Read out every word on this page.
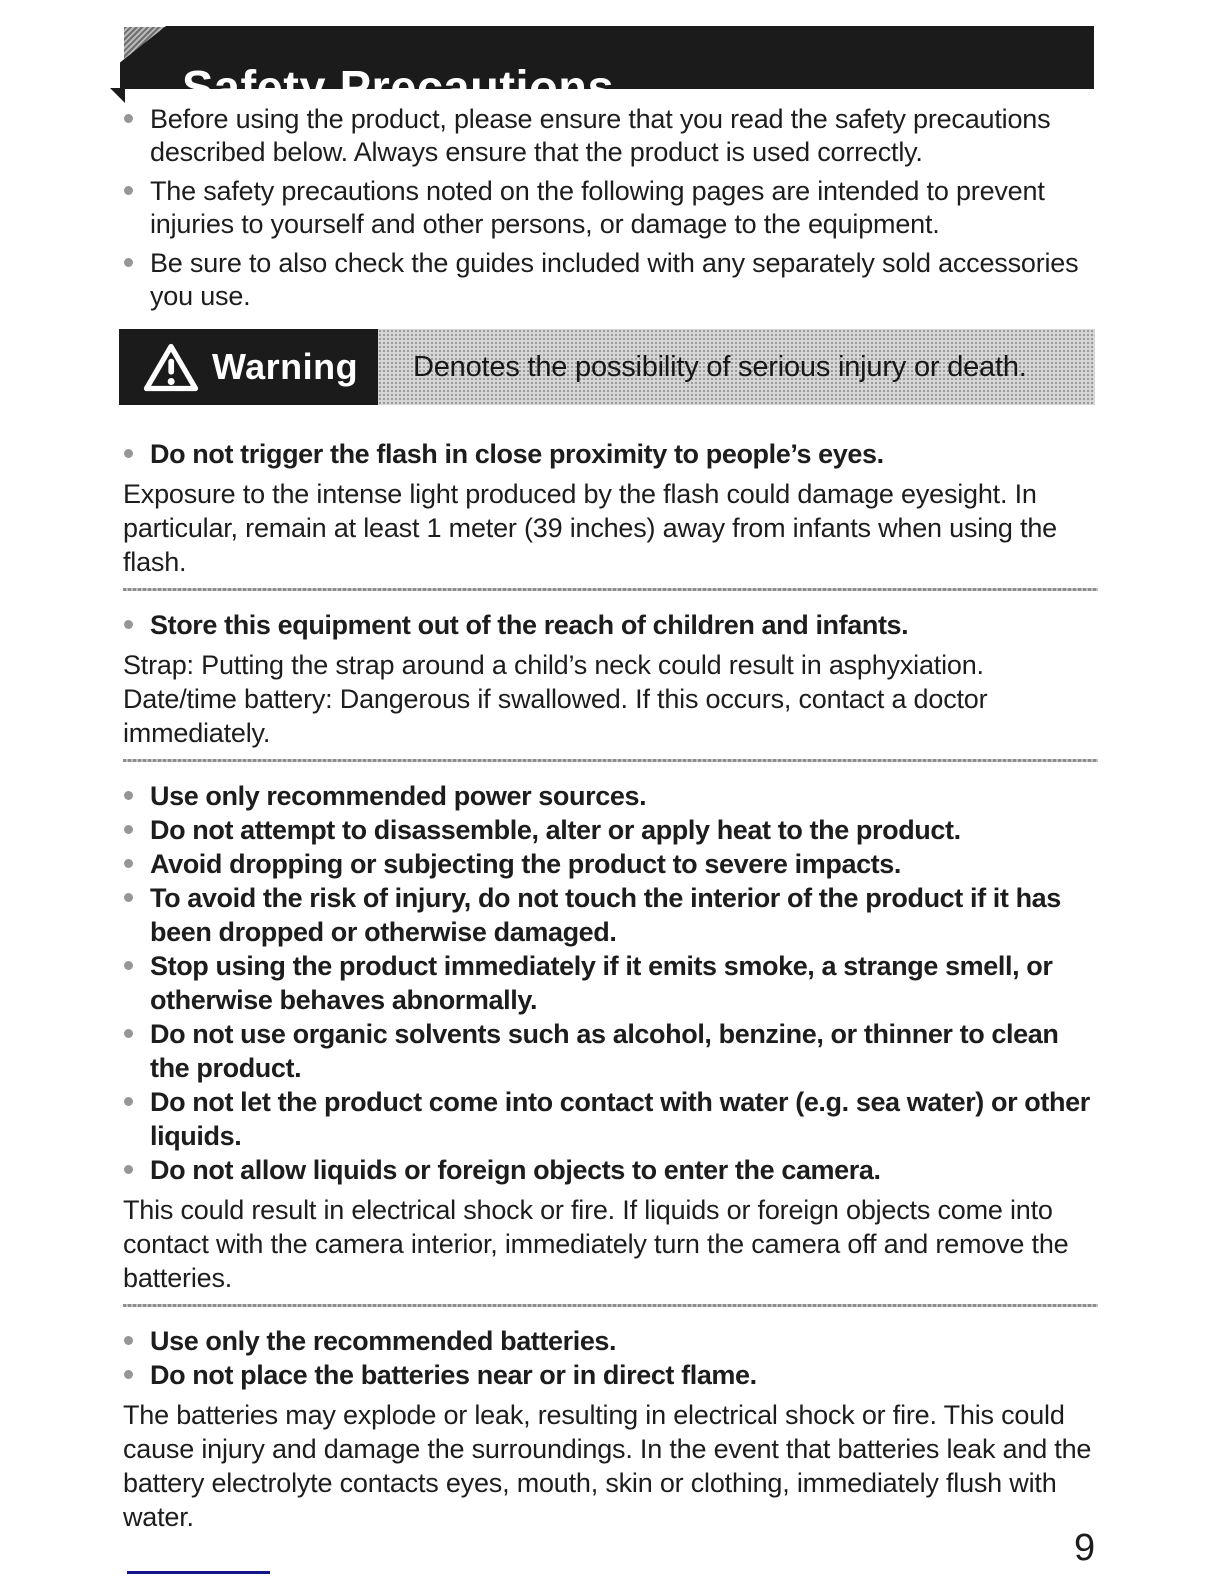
Safety Precautions
Before using the product, please ensure that you read the safety precautions described below. Always ensure that the product is used correctly.
The safety precautions noted on the following pages are intended to prevent injuries to yourself and other persons, or damage to the equipment.
Be sure to also check the guides included with any separately sold accessories you use.
Warning Denotes the possibility of serious injury or death.
Do not trigger the flash in close proximity to people’s eyes.

Exposure to the intense light produced by the flash could damage eyesight. In particular, remain at least 1 meter (39 inches) away from infants when using the flash.

Store this equipment out of the reach of children and infants.

Strap: Putting the strap around a child’s neck could result in asphyxiation. Date/time battery: Dangerous if swallowed. If this occurs, contact a doctor immediately.

Use only recommended power sources.
Do not attempt to disassemble, alter or apply heat to the product.
Avoid dropping or subjecting the product to severe impacts.
To avoid the risk of injury, do not touch the interior of the product if it has been dropped or otherwise damaged.
Stop using the product immediately if it emits smoke, a strange smell, or otherwise behaves abnormally.
Do not use organic solvents such as alcohol, benzine, or thinner to clean the product.
Do not let the product come into contact with water (e.g. sea water) or other liquids.
Do not allow liquids or foreign objects to enter the camera.

This could result in electrical shock or fire. If liquids or foreign objects come into contact with the camera interior, immediately turn the camera off and remove the batteries.

Use only the recommended batteries.
Do not place the batteries near or in direct flame.

The batteries may explode or leak, resulting in electrical shock or fire. This could cause injury and damage the surroundings. In the event that batteries leak and the battery electrolyte contacts eyes, mouth, skin or clothing, immediately flush with water.

9
